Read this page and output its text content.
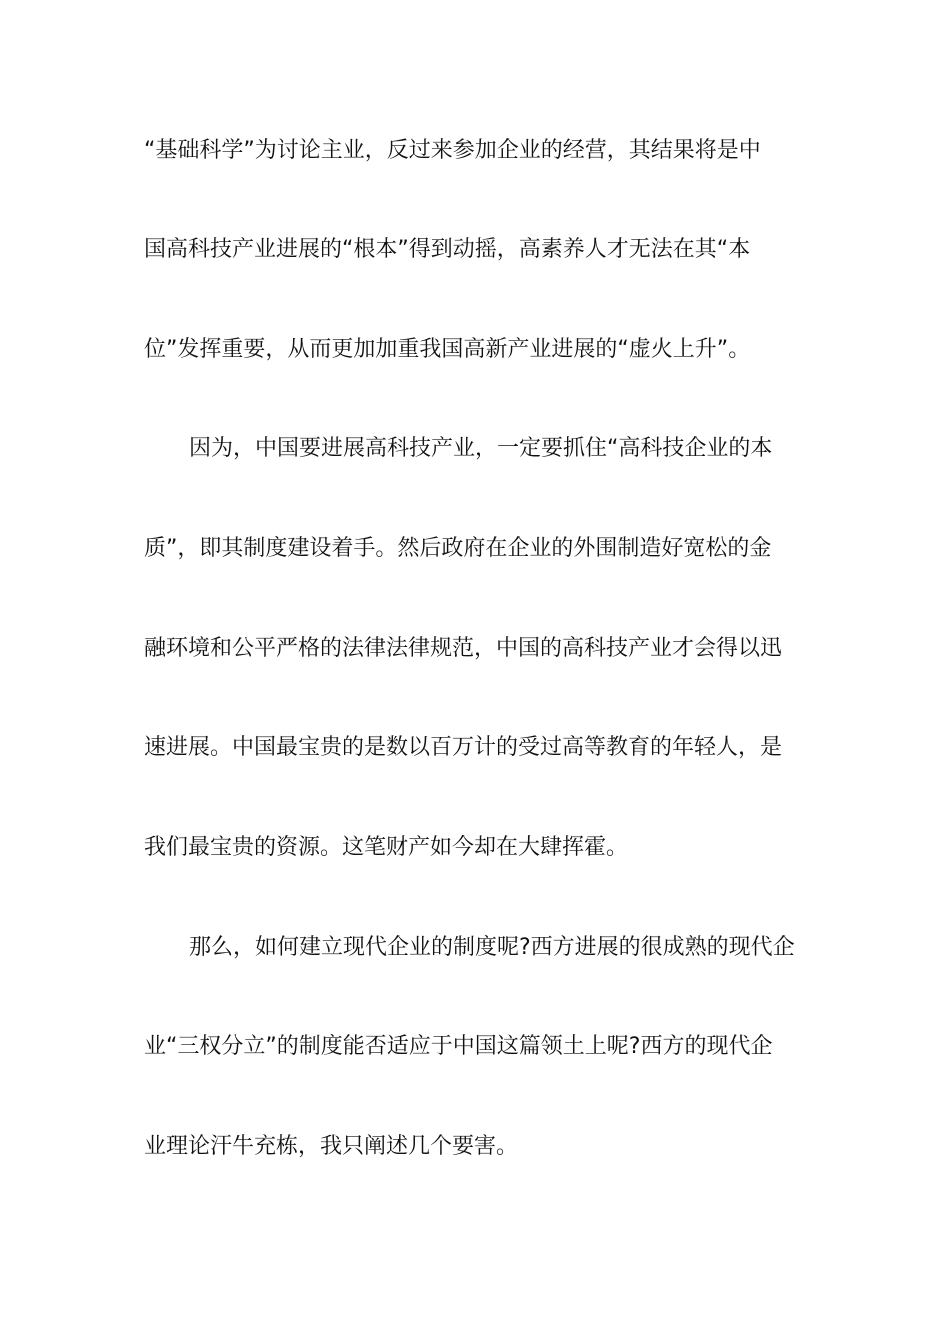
“基础科学”为讨论主业，反过来参加企业的经营，其结果将是中
国高科技产业进展的“根本”得到动摇，高素养人才无法在其“本
位”发挥重要，从而更加加重我国高新产业进展的“虚火上升”。
因为，中国要进展高科技产业，一定要抓住“高科技企业的本
质”，即其制度建设着手。然后政府在企业的外围制造好宽松的金
融环境和公平严格的法律法律规范，中国的高科技产业才会得以迅
速进展。中国最宝贵的是数以百万计的受过高等教育的年轻人，是
我们最宝贵的资源。这笔财产如今却在大肆挥霍。
那么，如何建立现代企业的制度呢?西方进展的很成熟的现代企
业“三权分立”的制度能否适应于中国这篇领土上呢?西方的现代企
业理论汗牛充栋，我只阐述几个要害。
